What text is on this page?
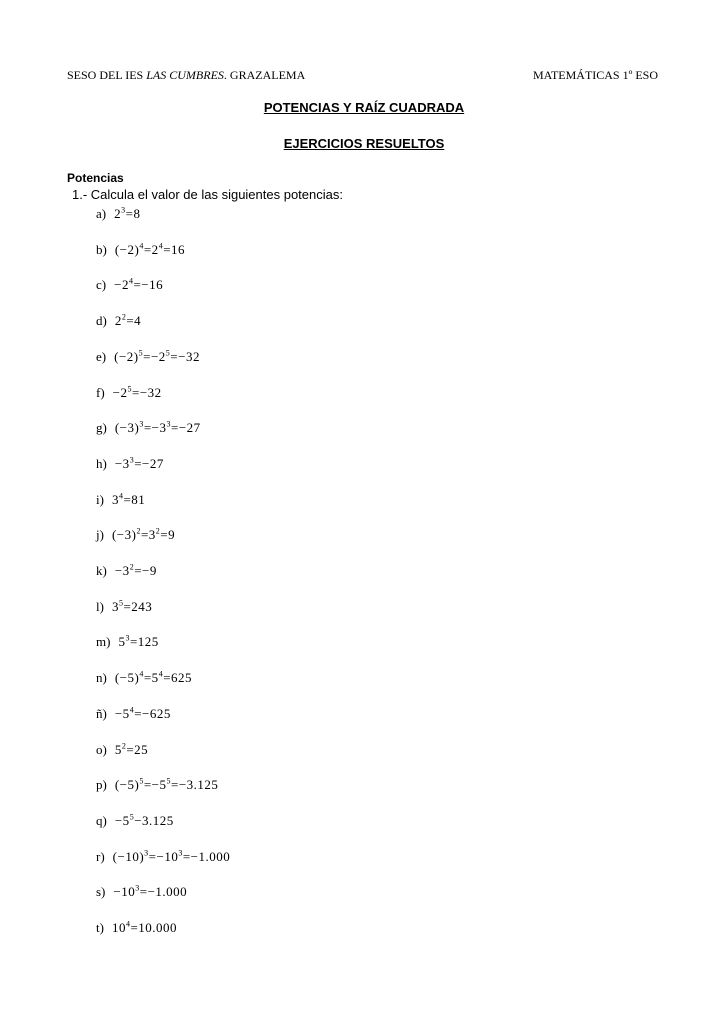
SESO DEL IES LAS CUMBRES. GRAZALEMA	MATEMÁTICAS 1º ESO
POTENCIAS Y RAÍZ CUADRADA
EJERCICIOS RESUELTOS
Potencias
1.- Calcula el valor de las siguientes potencias:
a) $2^3=8$
b) $(-2)^4=2^4=16$
$c) -2^4=-16$
d) $2^2=4$
e) $(-2)^5=-2^5=-32$
$f) -2^5=-32$
g) $(-3)^3=-3^3=-27$
$h) -3^3=-27$
i) $3^4=81$
j) $(-3)^2=3^2=9$
$k) -3^2=-9$
l) $3^5=243$
m) $5^3=125$
n) $(-5)^4=5^4=625$
ñ) $-5^4=-625$
o) $5^2=25$
p) $(-5)^5=-5^5=-3.125$
$q) -5^5-3.125$
r) $(-10)^3=-10^3=-1.000$
$s) -10^3=-1.000$
t) $10^4=10.000$
